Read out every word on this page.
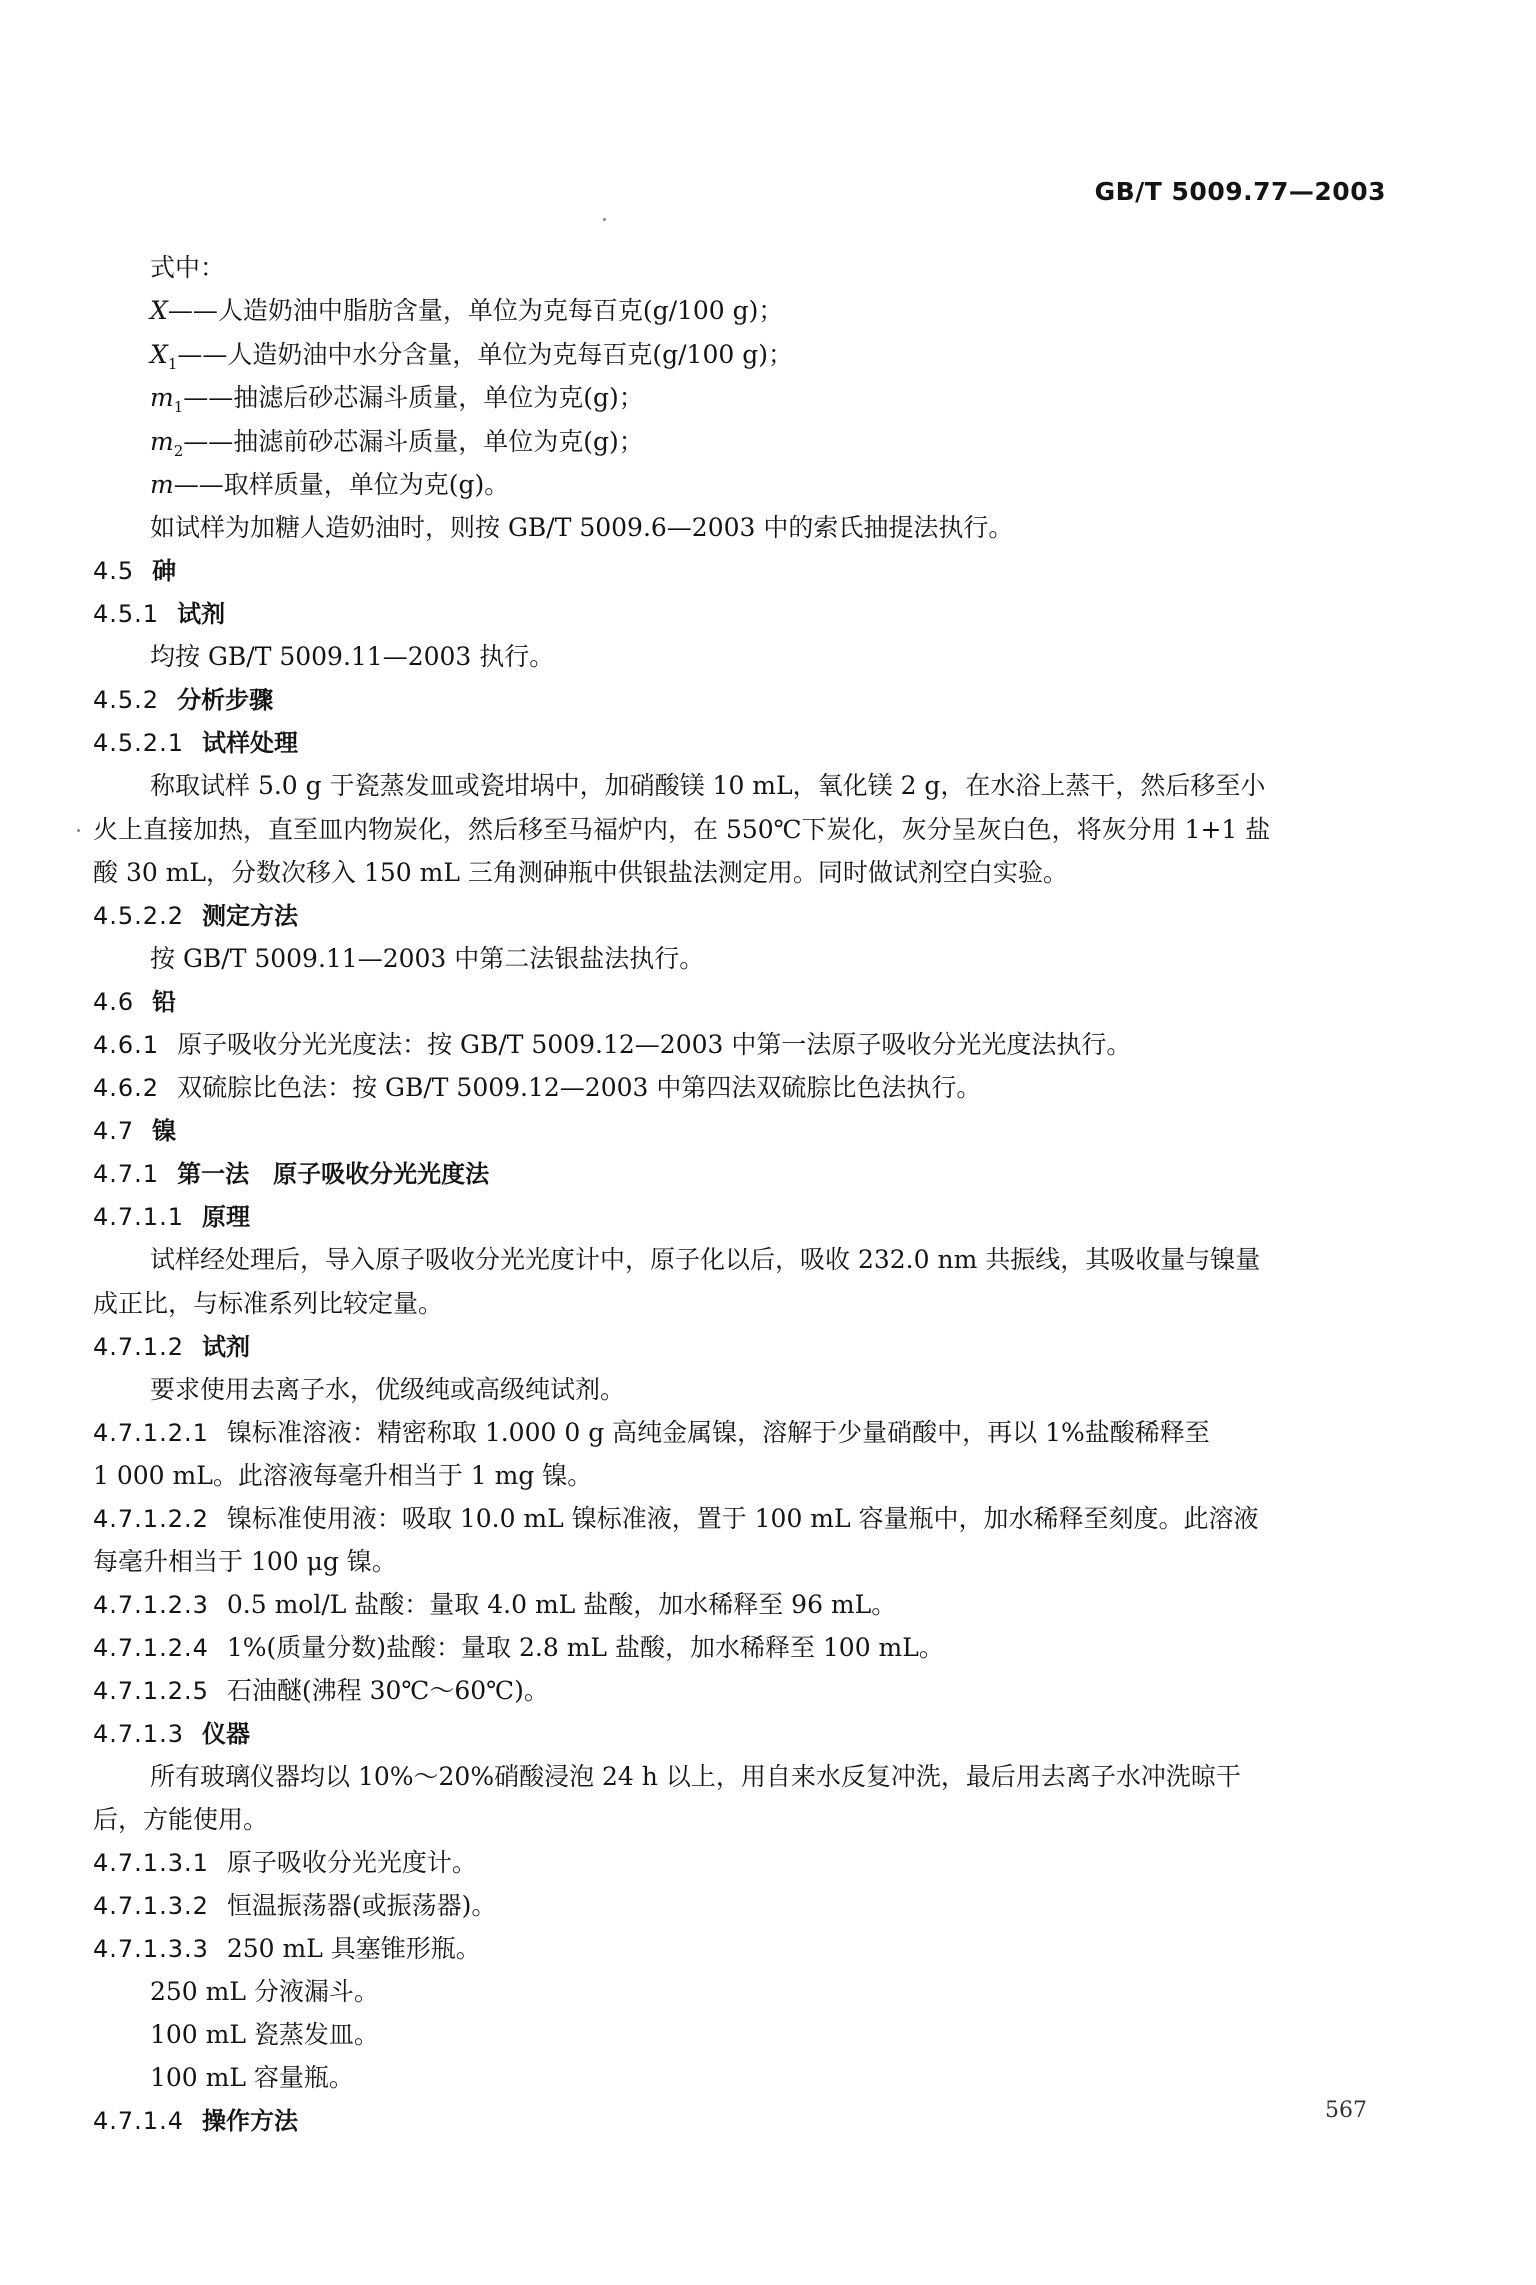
GB/T 5009.77—2003
式中：
X——人造奶油中脂肪含量，单位为克每百克(g/100 g)；
$X_1——$人造奶油中水分含量，单位为克每百克(g/100 g)；
$m_1——$抽滤后砂芯漏斗质量，单位为克(g)；
$m_2——$抽滤前砂芯漏斗质量，单位为克(g)；
m——取样质量，单位为克(g)。
如试样为加糖人造奶油时，则按 GB/T 5009.6—2003 中的索氏抽提法执行。
4.5 砷
4.5.1 试剂
均按 GB/T 5009.11—2003 执行。
4.5.2 分析步骤
4.5.2.1 试样处理
称取试样 5.0 g 于瓷蒸发皿或瓷坩埚中，加硝酸镁 10 mL，氧化镁 2 g，在水浴上蒸干，然后移至小
火上直接加热，直至皿内物炭化，然后移至马福炉内，在 550℃下炭化，灰分呈灰白色，将灰分用 1+1 盐
酸 30 mL，分数次移入 150 mL 三角测砷瓶中供银盐法测定用。同时做试剂空白实验。
4.5.2.2 测定方法
按 GB/T 5009.11—2003 中第二法银盐法执行。
4.6 铅
4.6.1 原子吸收分光光度法：按 GB/T 5009.12—2003 中第一法原子吸收分光光度法执行。
4.6.2 双硫腙比色法：按 GB/T 5009.12—2003 中第四法双硫腙比色法执行。
4.7 镍
4.7.1 第一法　原子吸收分光光度法
4.7.1.1 原理
试样经处理后，导入原子吸收分光光度计中，原子化以后，吸收 232.0 nm 共振线，其吸收量与镍量
成正比，与标准系列比较定量。
4.7.1.2 试剂
要求使用去离子水，优级纯或高级纯试剂。
4.7.1.2.1 镍标准溶液：精密称取 1.000 0 g 高纯金属镍，溶解于少量硝酸中，再以 1%盐酸稀释至
1 000 mL。此溶液每毫升相当于 1 mg 镍。
4.7.1.2.2 镍标准使用液：吸取 10.0 mL 镍标准液，置于 100 mL 容量瓶中，加水稀释至刻度。此溶液
每毫升相当于 100 μg 镍。
4.7.1.2.3 0.5 mol/L 盐酸：量取 4.0 mL 盐酸，加水稀释至 96 mL。
4.7.1.2.4 1%(质量分数)盐酸：量取 2.8 mL 盐酸，加水稀释至 100 mL。
4.7.1.2.5 石油醚(沸程 30℃～60℃)。
4.7.1.3 仪器
所有玻璃仪器均以 10%～20%硝酸浸泡 24 h 以上，用自来水反复冲洗，最后用去离子水冲洗晾干
后，方能使用。
4.7.1.3.1 原子吸收分光光度计。
4.7.1.3.2 恒温振荡器(或振荡器)。
4.7.1.3.3 250 mL 具塞锥形瓶。
250 mL 分液漏斗。
100 mL 瓷蒸发皿。
100 mL 容量瓶。
4.7.1.4 操作方法	567
